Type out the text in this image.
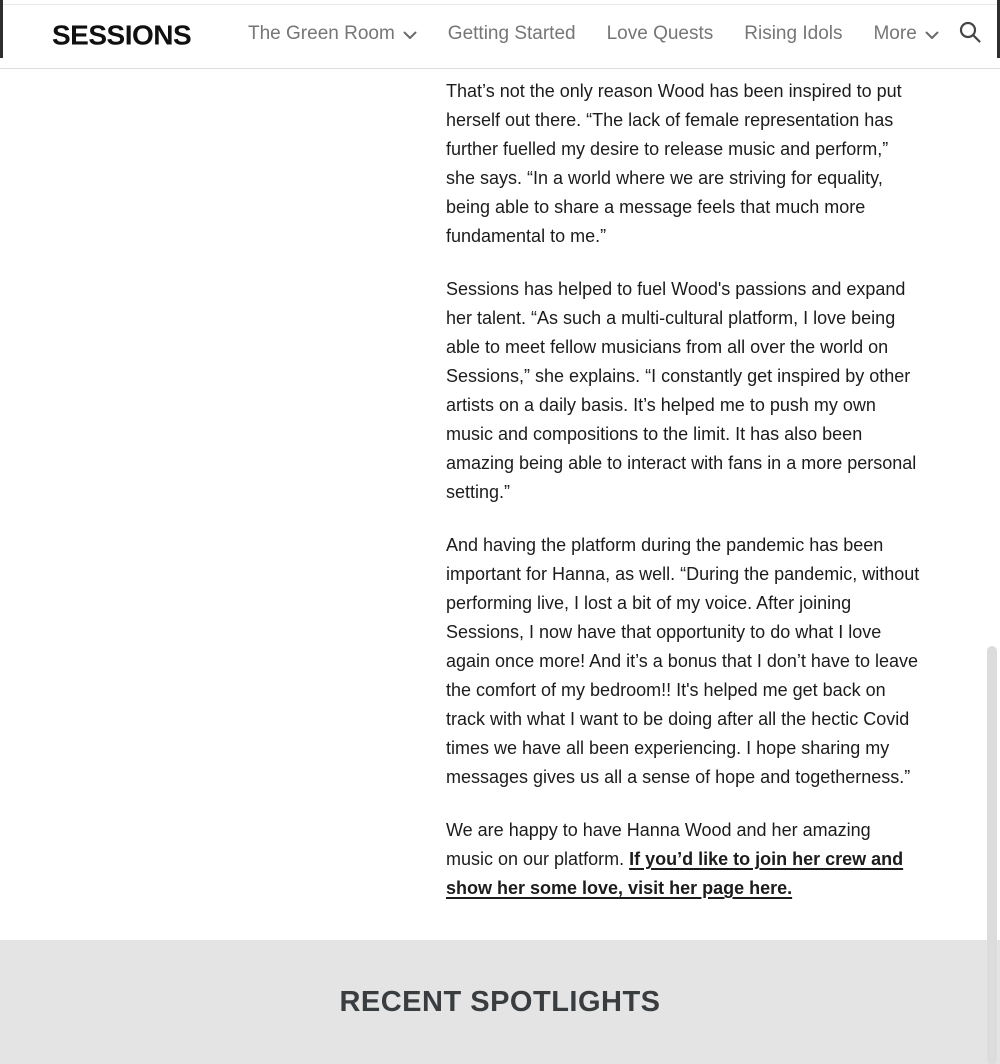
SESSIONS	The Green Room	Getting Started Love Quests Rising Idols More

That’s not the only reason Wood has been inspired to put herself out there. “The lack of female representation has further fuelled my desire to release music and perform,” she says. “In a world where we are striving for equality, being able to share a message feels that much more fundamental to me.”

Sessions has helped to fuel Wood's passions and expand her talent. “As such a multi-cultural platform, I love being able to meet fellow musicians from all over the world on Sessions,” she explains. “I constantly get inspired by other artists on a daily basis. It’s helped me to push my own music and compositions to the limit. It has also been amazing being able to interact with fans in a more personal setting.”

And having the platform during the pandemic has been important for Hanna, as well. “During the pandemic, without performing live, I lost a bit of my voice. After joining Sessions, I now have that opportunity to do what I love again once more! And it’s a bonus that I don’t have to leave the comfort of my bedroom!! It's helped me get back on track with what I want to be doing after all the hectic Covid times we have all been experiencing. I hope sharing my messages gives us all a sense of hope and togetherness.”

We are happy to have Hanna Wood and her amazing music on our platform. If you’d like to join her crew and show her some love, visit her page here.

RECENT SPOTLIGHTS
